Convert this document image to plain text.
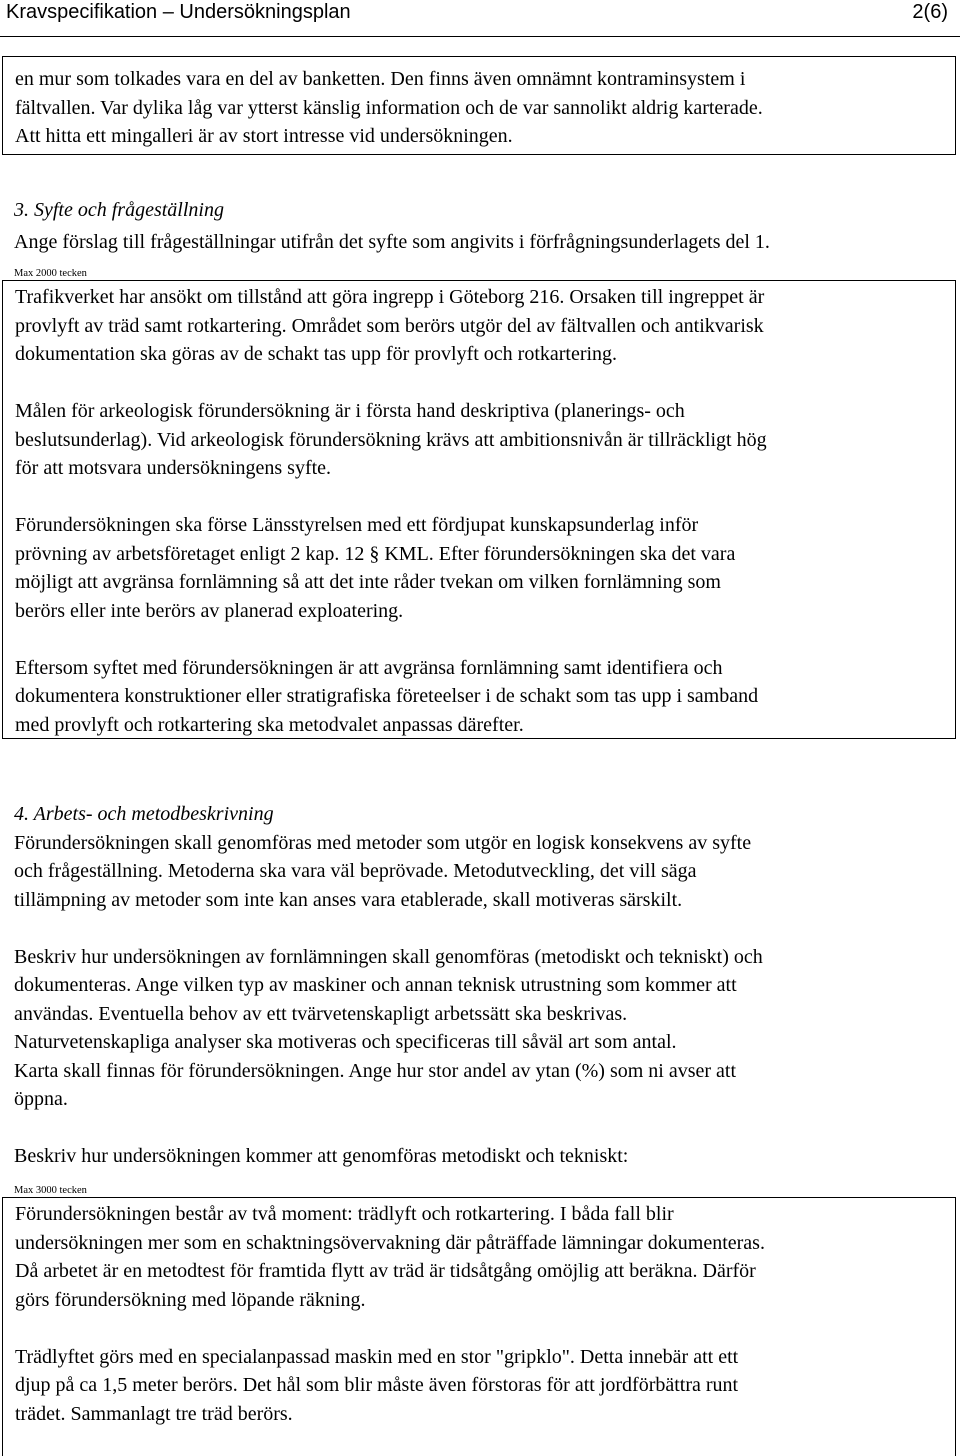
Kravspecifikation – Undersökningsplan	2(6)

en mur som tolkades vara en del av banketten. Den finns även omnämnt kontraminsystem i

fältvallen. Var dylika låg var ytterst känslig information och de var sannolikt aldrig karterade.

Att hitta ett mingalleri är av stort intresse vid undersökningen.

3. Syfte och frågeställning

Ange förslag till frågeställningar utifrån det syfte som angivits i förfrågningsunderlagets del 1.

Max 2000 tecken

Trafikverket har ansökt om tillstånd att göra ingrepp i Göteborg 216. Orsaken till ingreppet är

provlyft av träd samt rotkartering. Området som berörs utgör del av fältvallen och antikvarisk

dokumentation ska göras av de schakt tas upp för provlyft och rotkartering.

Målen för arkeologisk förundersökning är i första hand deskriptiva (planerings- och

beslutsunderlag). Vid arkeologisk förundersökning krävs att ambitionsnivån är tillräckligt hög

för att motsvara undersökningens syfte.

Förundersökningen ska förse Länsstyrelsen med ett fördjupat kunskapsunderlag inför

prövning av arbetsföretaget enligt 2 kap. 12 § KML. Efter förundersökningen ska det vara

möjligt att avgränsa fornlämning så att det inte råder tvekan om vilken fornlämning som

berörs eller inte berörs av planerad exploatering.

Eftersom syftet med förundersökningen är att avgränsa fornlämning samt identifiera och

dokumentera konstruktioner eller stratigrafiska företeelser i de schakt som tas upp i samband

med provlyft och rotkartering ska metodvalet anpassas därefter.

4. Arbets- och metodbeskrivning

Förundersökningen skall genomföras med metoder som utgör en logisk konsekvens av syfte

och frågeställning. Metoderna ska vara väl beprövade. Metodutveckling, det vill säga

tillämpning av metoder som inte kan anses vara etablerade, skall motiveras särskilt.

Beskriv hur undersökningen av fornlämningen skall genomföras (metodiskt och tekniskt) och

dokumenteras. Ange vilken typ av maskiner och annan teknisk utrustning som kommer att

användas. Eventuella behov av ett tvärvetenskapligt arbetssätt ska beskrivas.

Naturvetenskapliga analyser ska motiveras och specificeras till såväl art som antal.

Karta skall finnas för förundersökningen. Ange hur stor andel av ytan (%) som ni avser att

öppna.

Beskriv hur undersökningen kommer att genomföras metodiskt och tekniskt:

Max 3000 tecken

Förundersökningen består av två moment: trädlyft och rotkartering. I båda fall blir

undersökningen mer som en schaktningsövervakning där påträffade lämningar dokumenteras.

Då arbetet är en metodtest för framtida flytt av träd är tidsåtgång omöjlig att beräkna. Därför

görs förundersökning med löpande räkning.

Trädlyftet görs med en specialanpassad maskin med en stor "gripklo". Detta innebär att ett

djup på ca 1,5 meter berörs. Det hål som blir måste även förstoras för att jordförbättra runt

trädet. Sammanlagt tre träd berörs.
